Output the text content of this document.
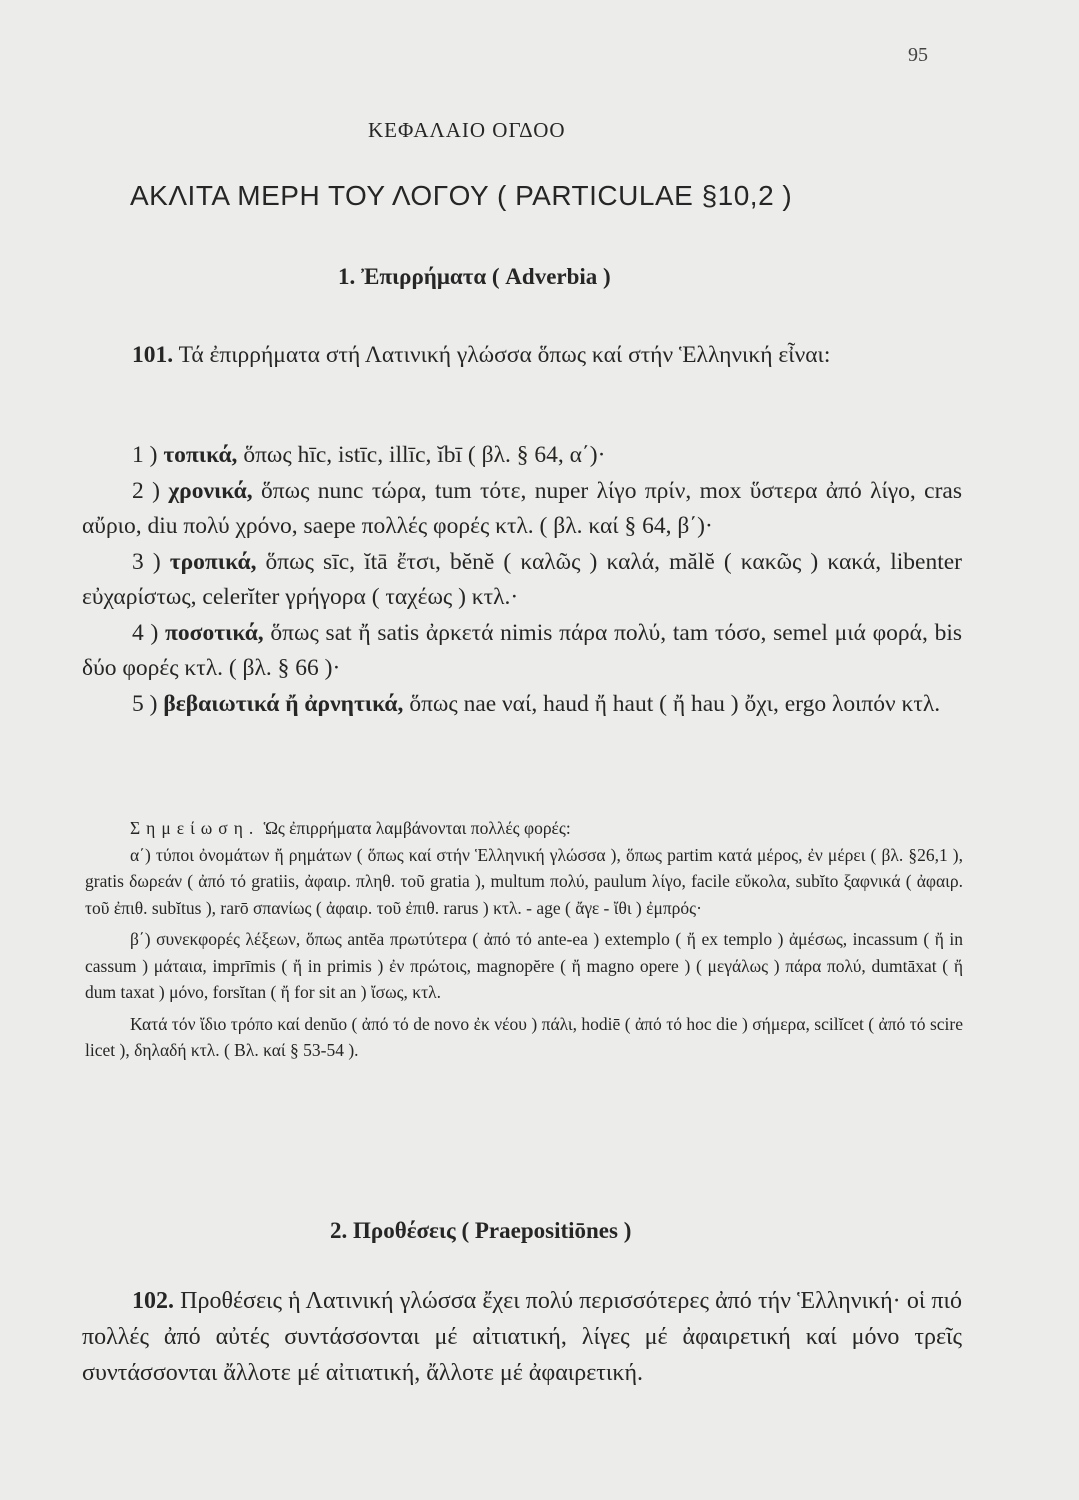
95
ΚΕΦΑΛΑΙΟ ΟΓΔΟΟ
ΑΚΛΙΤΑ ΜΕΡΗ ΤΟΥ ΛΟΓΟΥ ( PARTICULAE §10,2 )
1. Ἐπιρρήματα ( Adverbia )

101. Τά ἐπιρρήματα στή Λατινική γλώσσα ὅπως καί στήν Ἑλληνική εἶναι:

1 ) τοπικά, ὅπως hīc, istīc, illīc, ĭbī ( βλ. § 64, α΄)·

2 ) χρονικά, ὅπως nunc τώρα, tum τότε, nuper λίγο πρίν, mox ὕστερα ἀπό λίγο, cras αὔριο, diu πολύ χρόνο, saepe πολλές φορές κτλ. ( βλ. καί § 64, β΄)·

3 ) τροπικά, ὅπως sīc, ĭtā ἔτσι, bĕnĕ ( καλῶς ) καλά, mălĕ ( κακῶς ) κακά, libenter εὐχαρίστως, celerĭter γρήγορα ( ταχέως ) κτλ.·

4 ) ποσοτικά, ὅπως sat ἤ satis ἀρκετά nimis πάρα πολύ, tam τόσο, semel μιά φορά, bis δύο φορές κτλ. ( βλ. § 66 )·

5 ) βεβαιωτικά ἤ ἀρνητικά, ὅπως nae ναί, haud ἤ haut ( ἤ hau ) ὄχι, ergo λοιπόν κτλ.

Σημείωση. Ὡς ἐπιρρήματα λαμβάνονται πολλές φορές:

α΄) τύποι ὀνομάτων ἤ ρημάτων ( ὅπως καί στήν Ἑλληνική γλώσσα ), ὅπως partim κατά μέρος, ἐν μέρει ( βλ. §26,1 ), gratis δωρεάν ( ἀπό τό gratiis, ἀφαιρ. πληθ. τοῦ gratia ), multum πολύ, paulum λίγο, facile εὔκολα, subĭto ξαφνικά ( ἀφαιρ. τοῦ ἐπιθ. subĭtus ), rarō σπανίως ( ἀφαιρ. τοῦ ἐπιθ. rarus ) κτλ. - age ( ἄγε - ἴθι ) ἐμπρός·

β΄) συνεκφορές λέξεων, ὅπως antĕa πρωτύτερα ( ἀπό τό ante-ea ) extemplo ( ἤ ex templo ) ἀμέσως, incassum ( ἤ in cassum ) μάταια, imprīmis ( ἤ in primis ) ἐν πρώτοις, magnopĕre ( ἤ magno opere ) ( μεγάλως ) πάρα πολύ, dumtāxat ( ἤ dum taxat ) μόνο, forsĭtan ( ἤ for sit an ) ἴσως, κτλ.

Κατά τόν ἴδιο τρόπο καί denŭo ( ἀπό τό de novo ἐκ νέου ) πάλι, hodiē ( ἀπό τό hoc die ) σήμερα, scilĭcet ( ἀπό τό scire licet ), δηλαδή κτλ. ( Βλ. καί § 53-54 ).

2. Προθέσεις ( Praepositiōnes )

102. Προθέσεις ἡ Λατινική γλώσσα ἔχει πολύ περισσότερες ἀπό τήν Ἑλληνική· οἱ πιό πολλές ἀπό αὐτές συντάσσονται μέ αἰτιατική, λίγες μέ ἀφαιρετική καί μόνο τρεῖς συντάσσονται ἄλλοτε μέ αἰτιατική, ἄλλοτε μέ ἀφαιρετική.
